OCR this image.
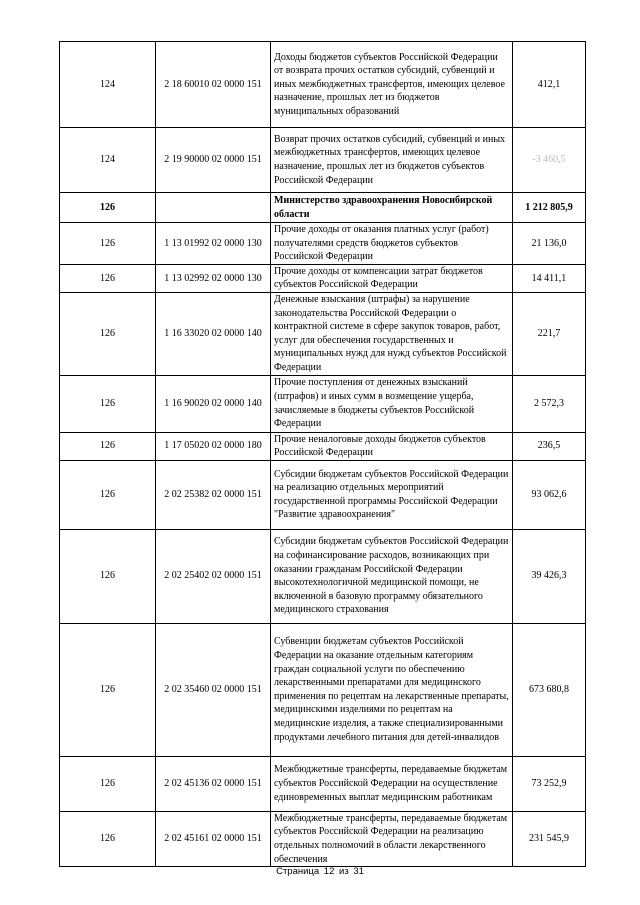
124	2 18 60010 02 0000 151	Доходы бюджетов субъектов Российской Федерации от возврата прочих остатков субсидий, субвенций и иных межбюджетных трансфертов, имеющих целевое назначение, прошлых лет из бюджетов муниципальных образований	412,1
124	2 19 90000 02 0000 151	Возврат прочих остатков субсидий, субвенций и иных межбюджетных трансфертов, имеющих целевое назначение, прошлых лет из бюджетов субъектов Российской Федерации	-3 460,5
126		Министерство здравоохранения Новосибирской области	1 212 805,9
126	1 13 01992 02 0000 130	Прочие доходы от оказания платных услуг (работ) получателями средств бюджетов субъектов Российской Федерации	21 136,0
126	1 13 02992 02 0000 130	Прочие доходы от компенсации затрат бюджетов субъектов Российской Федерации	14 411,1
126	1 16 33020 02 0000 140	Денежные взыскания (штрафы) за нарушение законодательства Российской Федерации о контрактной системе в сфере закупок товаров, работ, услуг для обеспечения государственных и муниципальных нужд для нужд субъектов Российской Федерации	221,7
126	1 16 90020 02 0000 140	Прочие поступления от денежных взысканий (штрафов) и иных сумм в возмещение ущерба, зачисляемые в бюджеты субъектов Российской Федерации	2 572,3
126	1 17 05020 02 0000 180	Прочие неналоговые доходы бюджетов субъектов Российской Федерации	236,5
126	2 02 25382 02 0000 151	Субсидии бюджетам субъектов Российской Федерации на реализацию отдельных мероприятий государственной программы Российской Федерации "Развитие здравоохранения"	93 062,6
126	2 02 25402 02 0000 151	Субсидии бюджетам субъектов Российской Федерации на софинансирование расходов, возникающих при оказании гражданам Российской Федерации высокотехнологичной медицинской помощи, не включенной в базовую программу обязательного медицинского страхования	39 426,3
126	2 02 35460 02 0000 151	Субвенции бюджетам субъектов Российской Федерации на оказание отдельным категориям граждан социальной услуги по обеспечению лекарственными препаратами для медицинского применения по рецептам на лекарственные препараты, медицинскими изделиями по рецептам на медицинские изделия, а также специализированными продуктами лечебного питания для детей-инвалидов	673 680,8
126	2 02 45136 02 0000 151	Межбюджетные трансферты, передаваемые бюджетам субъектов Российской Федерации на осуществление единовременных выплат медицинским работникам	73 252,9
126	2 02 45161 02 0000 151	Межбюджетные трансферты, передаваемые бюджетам субъектов Российской Федерации на реализацию отдельных полномочий в области лекарственного обеспечения	231 545,9
Страница 12 из 31
